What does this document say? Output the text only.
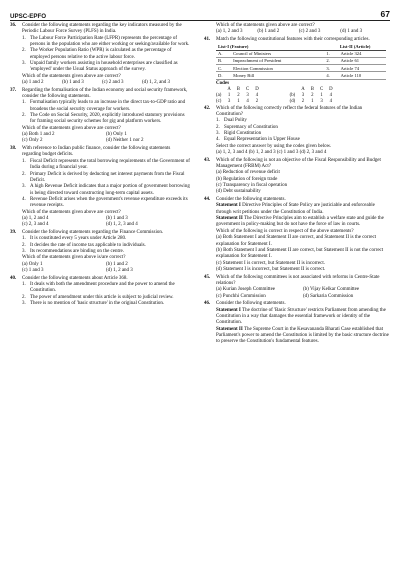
UPSC-EPFO	67
36.	Consider the following statements regarding the key indicators measured by the Periodic Labour Force Survey (PLFS) in India.
1. The Labour Force Participation Rate (LFPR) represents the percentage of persons in the population who are either working or seeking/available for work.
2. The Worker Population Ratio (WPR) is calculated as the percentage of employed persons relative to the active labour force.
3. Unpaid family workers assisting in household enterprises are classified as 'employed' under the Usual Status approach of the survey.
Which of the statements given above are correct?
(a) 1 and 2	(b) 1 and 3	(c) 2 and 3	(d) 1, 2, and 3
37.	Regarding the formalisation of the Indian economy and social security framework, consider the following statements.
1. Formalisation typically leads to an increase in the direct tax-to-GDP ratio and broadens the social security coverage for workers.
2. The Code on Social Security, 2020, explicitly introduced statutory provisions for framing social security schemes for gig and platform workers.
Which of the statements given above are correct?
(a) Both 1 and 2	(b) Only 1
(c) Only 2	(d) Neither 1 nor 2
38.	With reference to Indian public finance, consider the following statements regarding budget deficits.
1. Fiscal Deficit represents the total borrowing requirements of the Government of India during a financial year.
2. Primary Deficit is derived by deducting net interest payments from the Fiscal Deficit.
3. A high Revenue Deficit indicates that a major portion of government borrowing is being directed toward constructing long-term capital assets.
4. Revenue Deficit arises when the government's revenue expenditure exceeds its revenue receipts.
Which of the statements given above are correct?
(a) 1, 2 and 4	(b) 1 and 3
(c) 2, 3 and 4	(d) 1, 2, 3 and 4
39.	Consider the following statements regarding the Finance Commission.
1. It is constituted every 5 years under Article 280.
2. It decides the rate of income tax applicable to individuals.
3. Its recommendations are binding on the centre.
Which of the statements given above is/are correct?
(a) Only 1	(b) 1 and 2
(c) 1 and 3	(d) 1, 2 and 3
40.	Consider the following statements about Article 368.
1. It deals with both the amendment procedure and the power to amend the Constitution.
2. The power of amendment under this article is subject to judicial review.
3. There is no mention of 'basic structure' in the original Constitution.
Which of the statements given above are correct?
(a) 1, 2 and 3	(b) 1 and 2	(c) 2 and 3	(d) 1 and 3
41.	Match the following constitutional features with their corresponding articles.
List-I (Feature)		List-II (Article)	
A.	Council of Ministers	1.	Article 324
B.	Impeachment of President	2.	Article 61
C.	Election Commission	3.	Article 74
D.	Money Bill	4.	Article 110
Codes
	A	B	C	D
(a)	1	2	3	4
(c)	3	1	4	2
	A	B	C	D
(b)	3	2	1	4
(d)	2	1	3	4
42.	Which of the following correctly reflect the federal features of the Indian Constitution?
1. Dual Polity
2. Supremacy of Constitution
3. Rigid Constitution
4. Equal Representation in Upper House
Select the correct answer by using the codes given below.
(a) 1, 2, 3 and 4 (b) 1, 2 and 3 (c) 1 and 3 (d) 2, 3 and 4
43.	Which of the following is not an objective of the Fiscal Responsibility and Budget Management (FRBM) Act?
(a) Reduction of revenue deficit
(b) Regulation of foreign trade
(c) Transparency in fiscal operation
(d) Debt sustainability
44.	Consider the following statements.
Statement I Directive Principles of State Policy are justiciable and enforceable through writ petitions under the Constitution of India.
Statement II The Directive Principles aim to establish a welfare state and guide the government in policy-making but do not have the force of law in courts.
Which of the following is correct in respect of the above statements?
(a) Both Statement I and Statement II are correct, and Statement II is the correct explanation for Statement I.
(b) Both Statement I and Statement II are correct, but Statement II is not the correct explanation for Statement I.
(c) Statement I is correct, but Statement II is incorrect.
(d) Statement I is incorrect, but Statement II is correct.
45.	Which of the following committees is not associated with reforms in Centre-State relations?
(a) Kurian Joseph Committee	(b) Vijay Kelkar Committee
(c) Punchhi Commission	(d) Sarkaria Commission
46.	Consider the following statements.
Statement I The doctrine of 'Basic Structure' restricts Parliament from amending the Constitution in a way that damages the essential framework or identity of the Constitution.
Statement II The Supreme Court in the Kesavananda Bharati Case established that Parliament's power to amend the Constitution is limited by the basic structure doctrine to preserve the Constitution's fundamental features.
